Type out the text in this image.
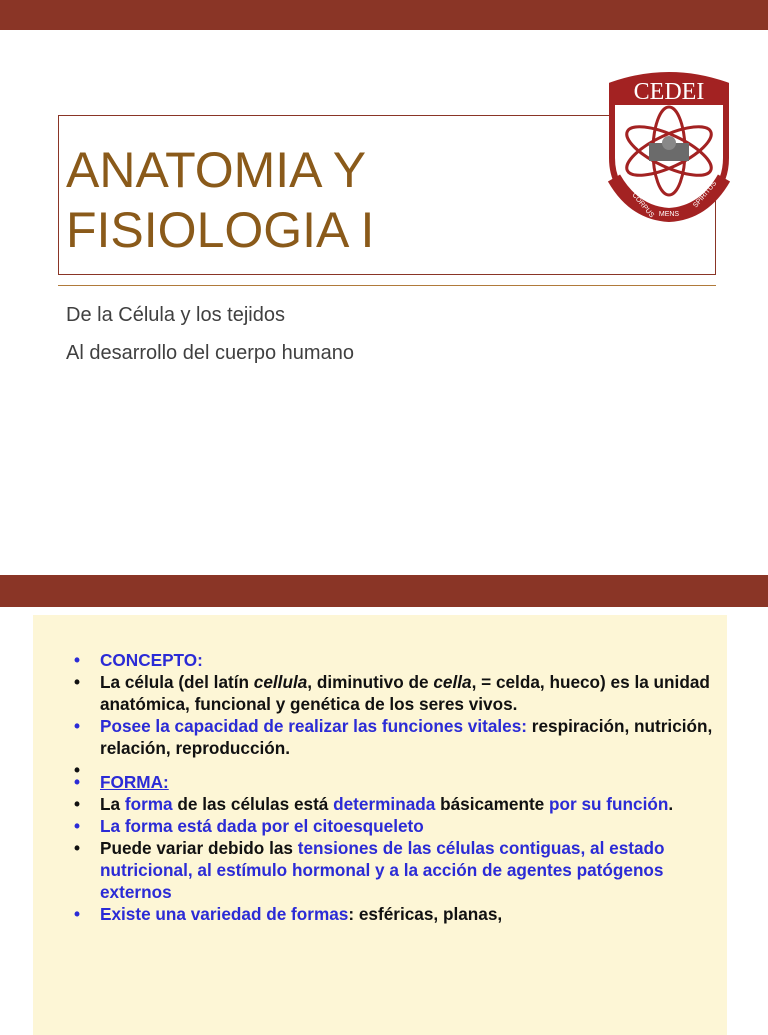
ANATOMIA Y
FISIOLOGIA I
De la Célula y los tejidos
Al desarrollo del cuerpo humano
CEDEI
CORPUS MENS
SPIRITUS
• CONCEPTO:
• La célula (del latín cellula, diminutivo de cella, = celda, hueco) es la unidad anatómica, funcional y genética de los seres vivos.
• Posee la capacidad de realizar las funciones vitales: respiración, nutrición, relación, reproducción.
•
• FORMA:
• La forma de las células está determinada básicamente por su función.
• La forma está dada por el citoesqueleto
• Puede variar debido las tensiones de las células contiguas, al estado nutricional, al estímulo hormonal y a la acción de agentes patógenos externos
• Existe una variedad de formas: esféricas, planas,
